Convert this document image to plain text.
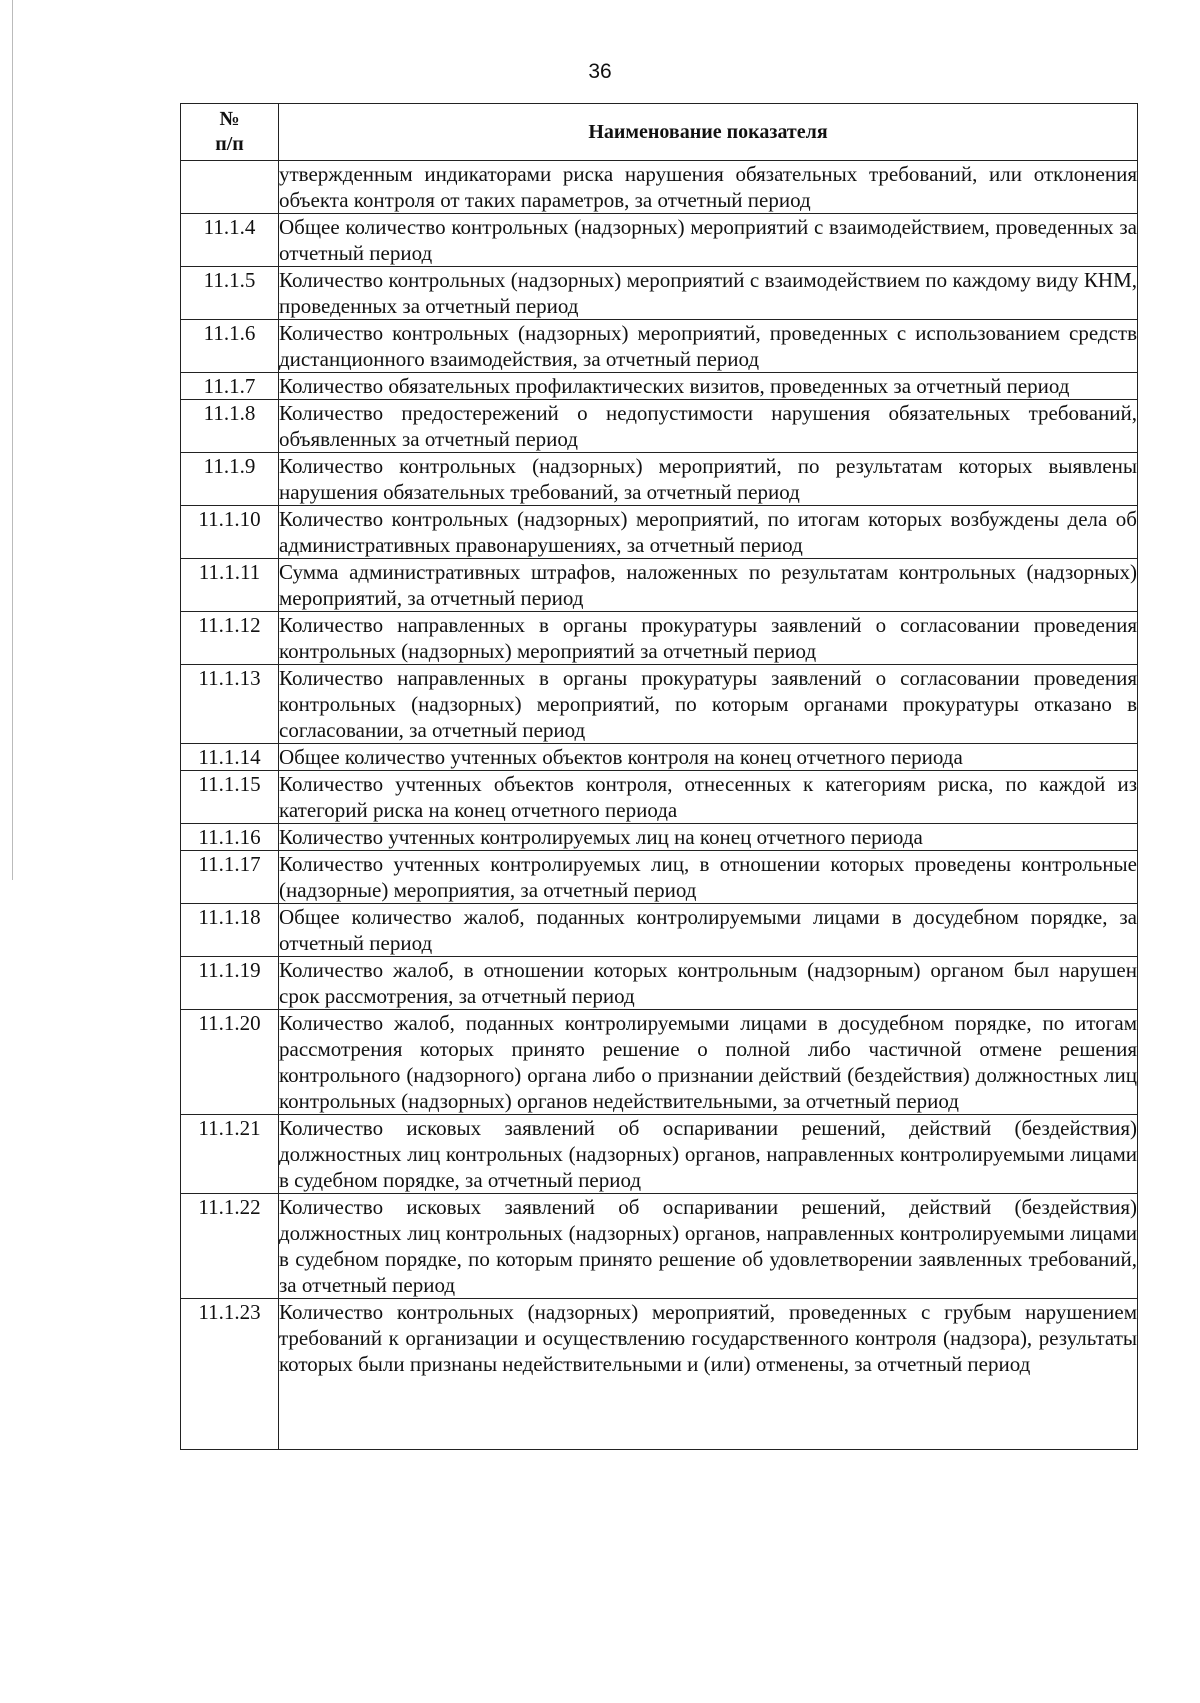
36
№
п/п	Наименование показателя
	утвержденным индикаторами риска нарушения обязательных требований, или отклонения объекта контроля от таких параметров, за отчетный период
11.1.4	Общее количество контрольных (надзорных) мероприятий с взаимодействием, проведенных за отчетный период
11.1.5	Количество контрольных (надзорных) мероприятий с взаимодействием по каждому виду КНМ, проведенных за отчетный период
11.1.6	Количество контрольных (надзорных) мероприятий, проведенных с использованием средств дистанционного взаимодействия, за отчетный период
11.1.7	Количество обязательных профилактических визитов, проведенных за отчетный период
11.1.8	Количество предостережений о недопустимости нарушения обязательных требований, объявленных за отчетный период
11.1.9	Количество контрольных (надзорных) мероприятий, по результатам которых выявлены нарушения обязательных требований, за отчетный период
11.1.10	Количество контрольных (надзорных) мероприятий, по итогам которых возбуждены дела об административных правонарушениях, за отчетный период
11.1.11	Сумма административных штрафов, наложенных по результатам контрольных (надзорных) мероприятий, за отчетный период
11.1.12	Количество направленных в органы прокуратуры заявлений о согласовании проведения контрольных (надзорных) мероприятий за отчетный период
11.1.13	Количество направленных в органы прокуратуры заявлений о согласовании проведения контрольных (надзорных) мероприятий, по которым органами прокуратуры отказано в согласовании, за отчетный период
11.1.14	Общее количество учтенных объектов контроля на конец отчетного периода
11.1.15	Количество учтенных объектов контроля, отнесенных к категориям риска, по каждой из категорий риска на конец отчетного периода
11.1.16	Количество учтенных контролируемых лиц на конец отчетного периода
11.1.17	Количество учтенных контролируемых лиц, в отношении которых проведены контрольные (надзорные) мероприятия, за отчетный период
11.1.18	Общее количество жалоб, поданных контролируемыми лицами в досудебном порядке, за отчетный период
11.1.19	Количество жалоб, в отношении которых контрольным (надзорным) органом был нарушен срок рассмотрения, за отчетный период
11.1.20	Количество жалоб, поданных контролируемыми лицами в досудебном порядке, по итогам рассмотрения которых принято решение о полной либо частичной отмене решения контрольного (надзорного) органа либо о признании действий (бездействия) должностных лиц контрольных (надзорных) органов недействительными, за отчетный период
11.1.21	Количество исковых заявлений об оспаривании решений, действий (бездействия) должностных лиц контрольных (надзорных) органов, направленных контролируемыми лицами в судебном порядке, за отчетный период
11.1.22	Количество исковых заявлений об оспаривании решений, действий (бездействия) должностных лиц контрольных (надзорных) органов, направленных контролируемыми лицами в судебном порядке, по которым принято решение об удовлетворении заявленных требований, за отчетный период
11.1.23	Количество контрольных (надзорных) мероприятий, проведенных с грубым нарушением требований к организации и осуществлению государственного контроля (надзора), результаты которых были признаны недействительными и (или) отменены, за отчетный период
